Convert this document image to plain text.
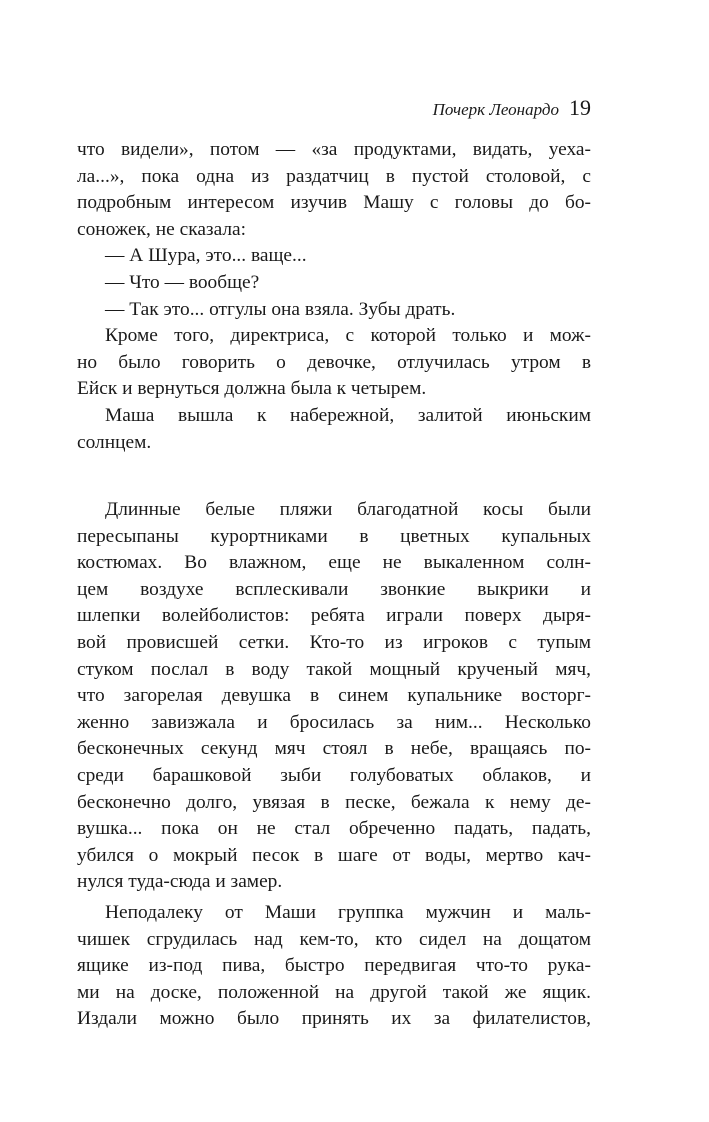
Почерк Леонардо 19
что видели», потом — «за продуктами, видать, уеха-
ла...», пока одна из раздатчиц в пустой столовой, с
подробным интересом изучив Машу с головы до бо-
соножек, не сказала:
— А Шура, это... ваще...
— Что — вообще?
— Так это... отгулы она взяла. Зубы драть.
Кроме того, директриса, с которой только и мож-
но было говорить о девочке, отлучилась утром в
Ейск и вернуться должна была к четырем.
Маша вышла к набережной, залитой июньским
солнцем.
Длинные белые пляжи благодатной косы были
пересыпаны курортниками в цветных купальных
костюмах. Во влажном, еще не выкаленном солн-
цем воздухе всплескивали звонкие выкрики и
шлепки волейболистов: ребята играли поверх дыря-
вой провисшей сетки. Кто-то из игроков с тупым
стуком послал в воду такой мощный крученый мяч,
что загорелая девушка в синем купальнике восторг-
женно завизжала и бросилась за ним... Несколько
бесконечных секунд мяч стоял в небе, вращаясь по-
среди барашковой зыби голубоватых облаков, и
бесконечно долго, увязая в песке, бежала к нему де-
вушка... пока он не стал обреченно падать, падать,
убился о мокрый песок в шаге от воды, мертво кач-
нулся туда-сюда и замер.
Неподалеку от Маши группка мужчин и маль-
чишек сгрудилась над кем-то, кто сидел на дощатом
ящике из-под пива, быстро передвигая что-то рука-
ми на доске, положенной на другой такой же ящик.
Издали можно было принять их за филателистов,
